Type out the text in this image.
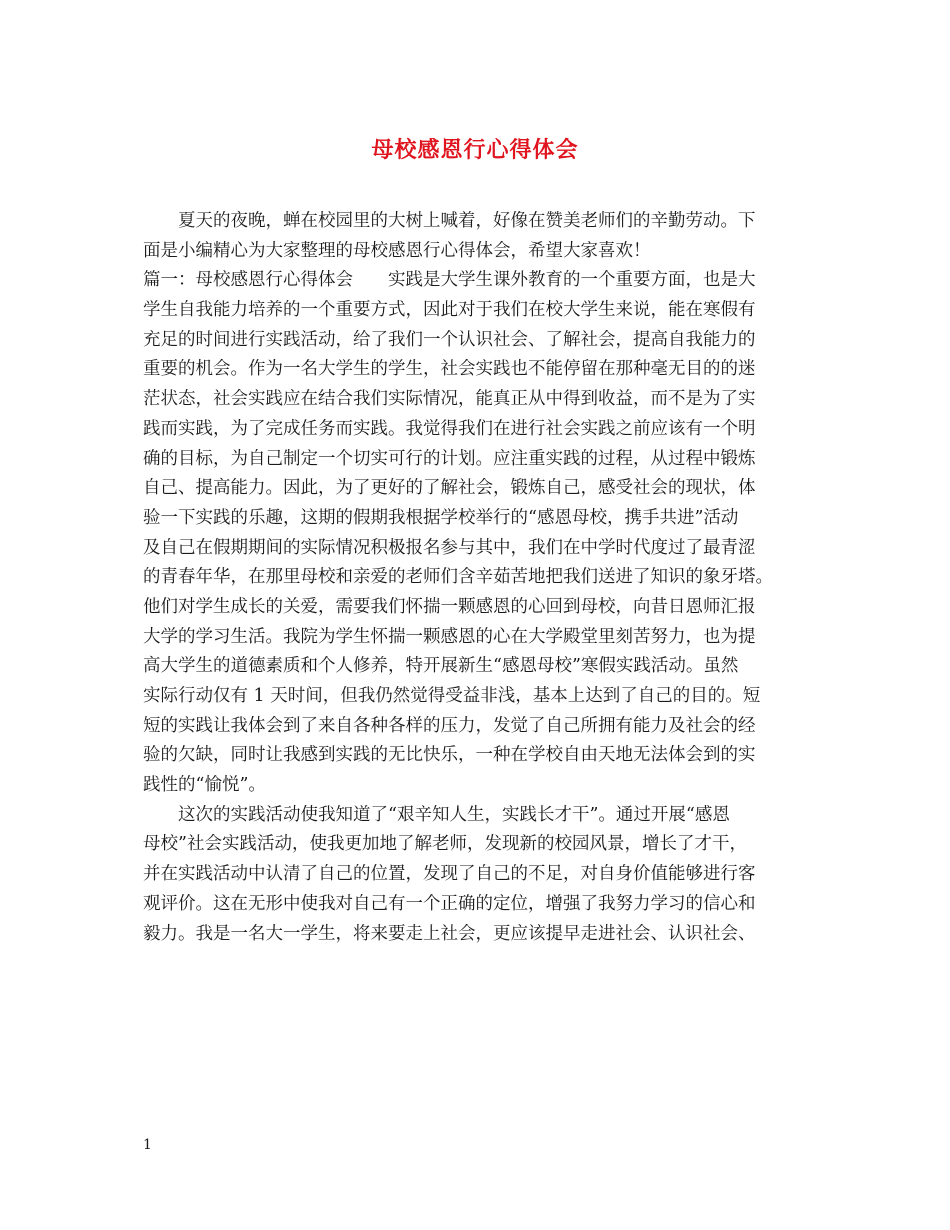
母校感恩行心得体会
夏天的夜晚，蝉在校园里的大树上喊着，好像在赞美老师们的辛勤劳动。下
面是小编精心为大家整理的母校感恩行心得体会，希望大家喜欢！
篇一：母校感恩行心得体会　　实践是大学生课外教育的一个重要方面，也是大
学生自我能力培养的一个重要方式，因此对于我们在校大学生来说，能在寒假有
充足的时间进行实践活动，给了我们一个认识社会、了解社会，提高自我能力的
重要的机会。作为一名大学生的学生，社会实践也不能停留在那种毫无目的的迷
茫状态，社会实践应在结合我们实际情况，能真正从中得到收益，而不是为了实
践而实践，为了完成任务而实践。我觉得我们在进行社会实践之前应该有一个明
确的目标，为自己制定一个切实可行的计划。应注重实践的过程，从过程中锻炼
自己、提高能力。因此，为了更好的了解社会，锻炼自己，感受社会的现状，体
验一下实践的乐趣，这期的假期我根据学校举行的“感恩母校，携手共进”活动
及自己在假期期间的实际情况积极报名参与其中，我们在中学时代度过了最青涩
的青春年华，在那里母校和亲爱的老师们含辛茹苦地把我们送进了知识的象牙塔。
他们对学生成长的关爱，需要我们怀揣一颗感恩的心回到母校，向昔日恩师汇报
大学的学习生活。我院为学生怀揣一颗感恩的心在大学殿堂里刻苦努力，也为提
高大学生的道德素质和个人修养，特开展新生“感恩母校”寒假实践活动。虽然
实际行动仅有 1 天时间，但我仍然觉得受益非浅，基本上达到了自己的目的。短
短的实践让我体会到了来自各种各样的压力，发觉了自己所拥有能力及社会的经
验的欠缺，同时让我感到实践的无比快乐，一种在学校自由天地无法体会到的实
践性的“愉悦”。
这次的实践活动使我知道了“艰辛知人生，实践长才干”。通过开展“感恩
母校”社会实践活动，使我更加地了解老师，发现新的校园风景，增长了才干，
并在实践活动中认清了自己的位置，发现了自己的不足，对自身价值能够进行客
观评价。这在无形中使我对自己有一个正确的定位，增强了我努力学习的信心和
毅力。我是一名大一学生，将来要走上社会，更应该提早走进社会、认识社会、
1
